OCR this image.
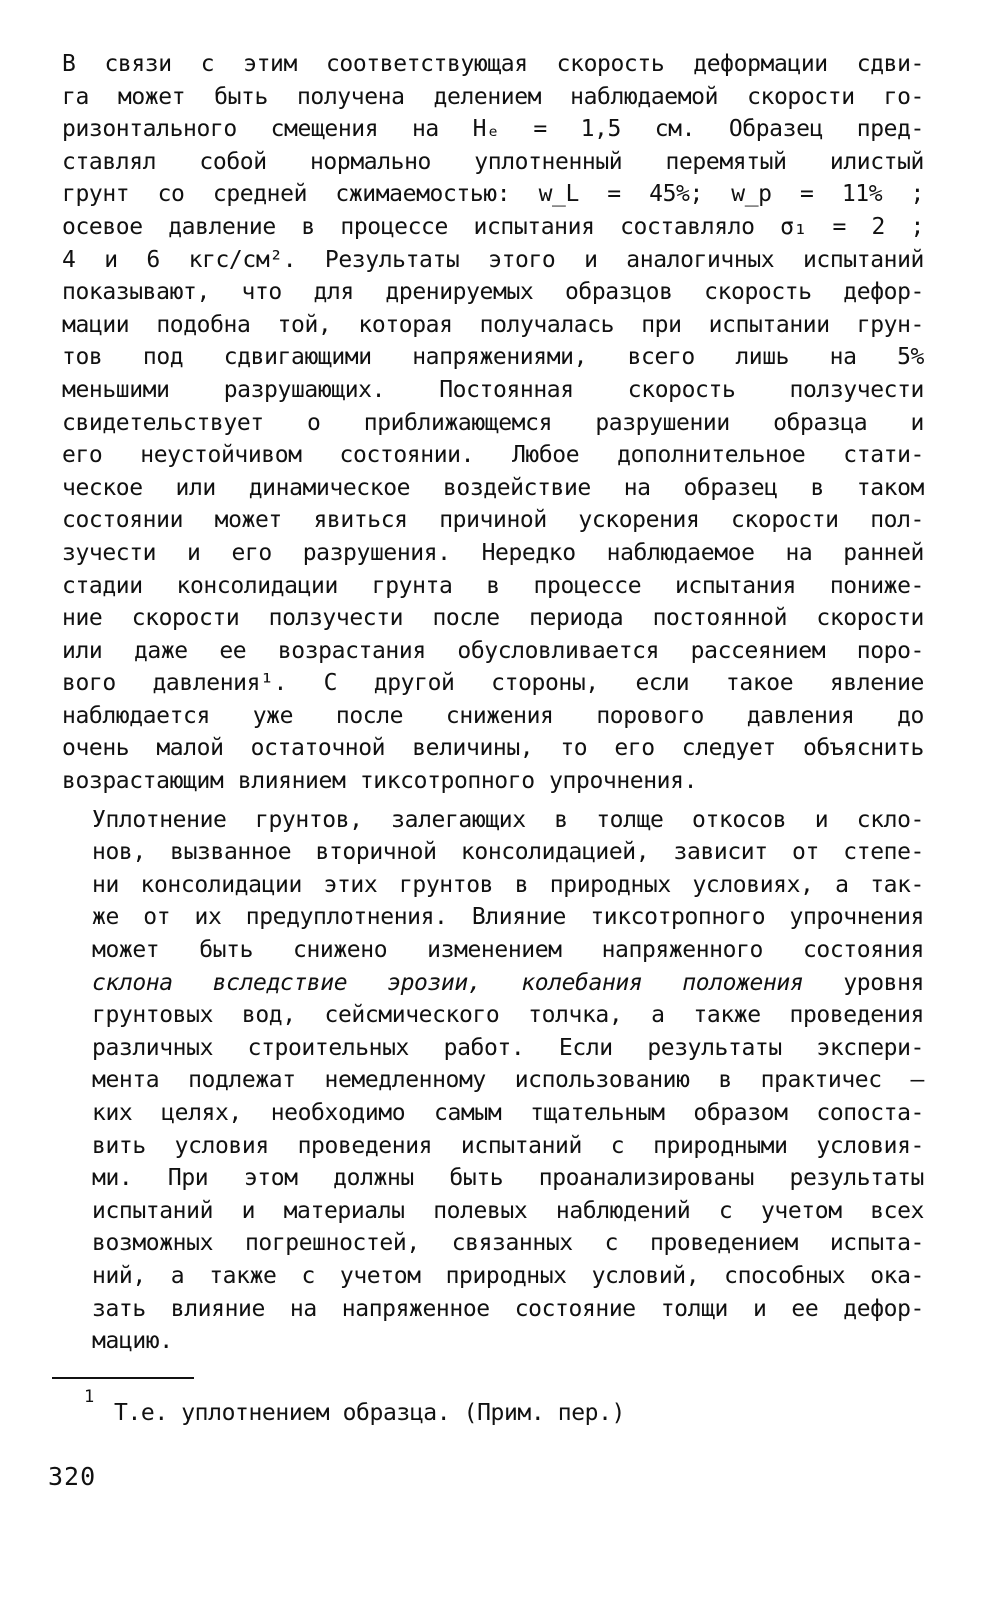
В связи с этим соответствующая скорость деформации сдви-
га может быть получена делением наблюдаемой скорости го-
ризонтального смещения на Hₑ = 1,5 см. Образец пред-
ставлял собой нормально уплотненный перемятый илистый
грунт со средней сжимаемостью: w_L = 45%; w_p = 11% ;
осевое давление в процессе испытания составляло σ₁ = 2 ;
4 и 6 кгс/см². Результаты этого и аналогичных испытаний
показывают, что для дренируемых образцов скорость дефор-
мации подобна той, которая получалась при испытании грун-
тов под сдвигающими напряжениями, всего лишь на 5%
меньшими разрушающих. Постоянная скорость ползучести
свидетельствует о приближающемся разрушении образца и
его неустойчивом состоянии. Любое дополнительное стати-
ческое или динамическое воздействие на образец в таком
состоянии может явиться причиной ускорения скорости пол-
зучести и его разрушения. Нередко наблюдаемое на ранней
стадии консолидации грунта в процессе испытания пониже-
ние скорости ползучести после периода постоянной скорости
или даже ее возрастания обусловливается рассеянием поро-
вого давления¹. С другой стороны, если такое явление
наблюдается уже после снижения порового давления до
очень малой остаточной величины, то его следует объяснить
возрастающим влиянием тиксотропного упрочнения.
Уплотнение грунтов, залегающих в толще откосов и скло-
нов, вызванное вторичной консолидацией, зависит от степе-
ни консолидации этих грунтов в природных условиях, а так-
же от их предуплотнения. Влияние тиксотропного упрочнения
может быть снижено изменением напряженного состояния
склона вследствие эрозии, колебания положения уровня
грунтовых вод, сейсмического толчка, а также проведения
различных строительных работ. Если результаты экспери-
мента подлежат немедленному использованию в практичес —
ких целях, необходимо самым тщательным образом сопоста-
вить условия проведения испытаний с природными условия-
ми. При этом должны быть проанализированы результаты
испытаний и материалы полевых наблюдений с учетом всех
возможных погрешностей, связанных с проведением испыта-
ний, а также с учетом природных условий, способных ока-
зать влияние на напряженное состояние толщи и ее дефор-
мацию.
1
Т.е. уплотнением образца. (Прим. пер.)
320
